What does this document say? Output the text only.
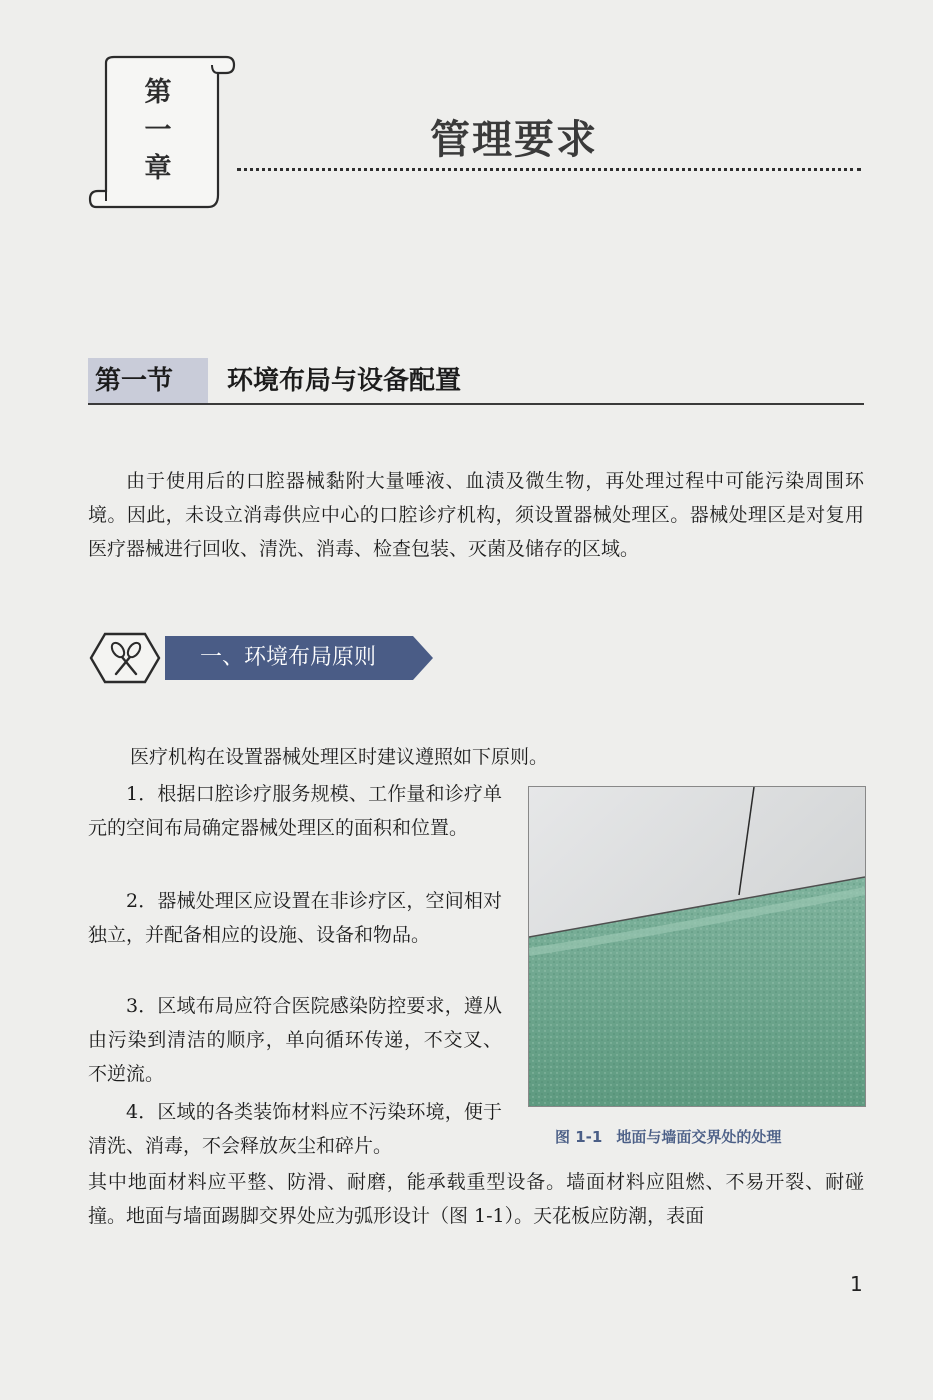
第
一
章
管理要求
第一节 环境布局与设备配置

由于使用后的口腔器械黏附大量唾液、血渍及微生物，再处理过程中可能污染周围环境。因此，未设立消毒供应中心的口腔诊疗机构，须设置器械处理区。器械处理区是对复用医疗器械进行回收、清洗、消毒、检查包装、灭菌及储存的区域。

一、环境布局原则

医疗机构在设置器械处理区时建议遵照如下原则。

1．根据口腔诊疗服务规模、工作量和诊疗单元的空间布局确定器械处理区的面积和位置。

2．器械处理区应设置在非诊疗区，空间相对独立，并配备相应的设施、设备和物品。

3．区域布局应符合医院感染防控要求，遵从由污染到清洁的顺序，单向循环传递，不交叉、不逆流。

4．区域的各类装饰材料应不污染环境，便于清洗、消毒，不会释放灰尘和碎片。	图 1-1 地面与墙面交界处的处理

其中地面材料应平整、防滑、耐磨，能承载重型设备。墙面材料应阻燃、不易开裂、耐碰撞。地面与墙面踢脚交界处应为弧形设计（图 1-1）。天花板应防潮，表面

1
